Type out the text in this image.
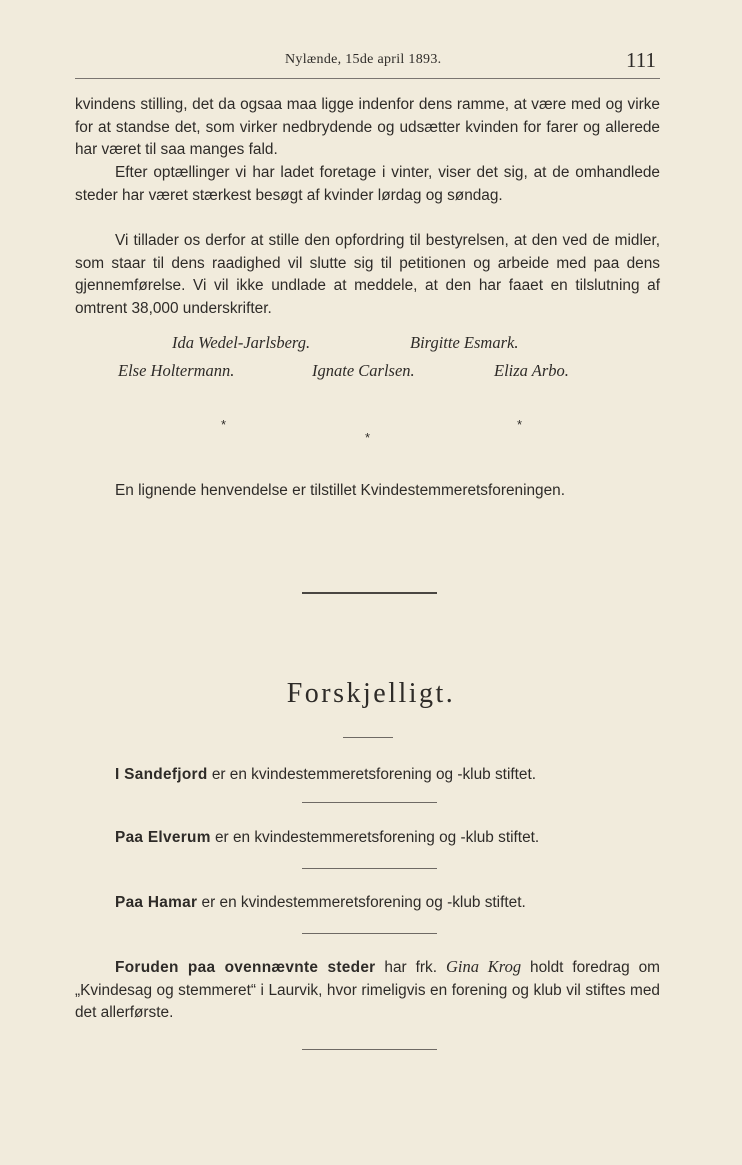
Nylænde, 15de april 1893.	111
kvindens stilling, det da ogsaa maa ligge indenfor dens ramme, at være med og virke for at standse det, som virker nedbrydende og udsætter kvinden for farer og allerede har været til saa manges fald.
Efter optællinger vi har ladet foretage i vinter, viser det sig, at de omhandlede steder har været stærkest besøgt af kvinder lørdag og søndag.
Vi tillader os derfor at stille den opfordring til bestyrelsen, at den ved de midler, som staar til dens raadighed vil slutte sig til petitionen og arbeide med paa dens gjennemførelse. Vi vil ikke undlade at meddele, at den har faaet en tilslutning af omtrent 38,000 underskrifter.
Ida Wedel-Jarlsberg.	Birgitte Esmark.
Else Holtermann.	Ignate Carlsen.	Eliza Arbo.
*	*
*
En lignende henvendelse er tilstillet Kvindestemmeretsforeningen.
Forskjelligt.
I Sandefjord er en kvindestemmeretsforening og -klub stiftet.
Paa Elverum er en kvindestemmeretsforening og -klub stiftet.
Paa Hamar er en kvindestemmeretsforening og -klub stiftet.
Foruden paa ovennævnte steder har frk. Gina Krog holdt foredrag om „Kvindesag og stemmeret“ i Laurvik, hvor rimeligvis en forening og klub vil stiftes med det allerførste.
